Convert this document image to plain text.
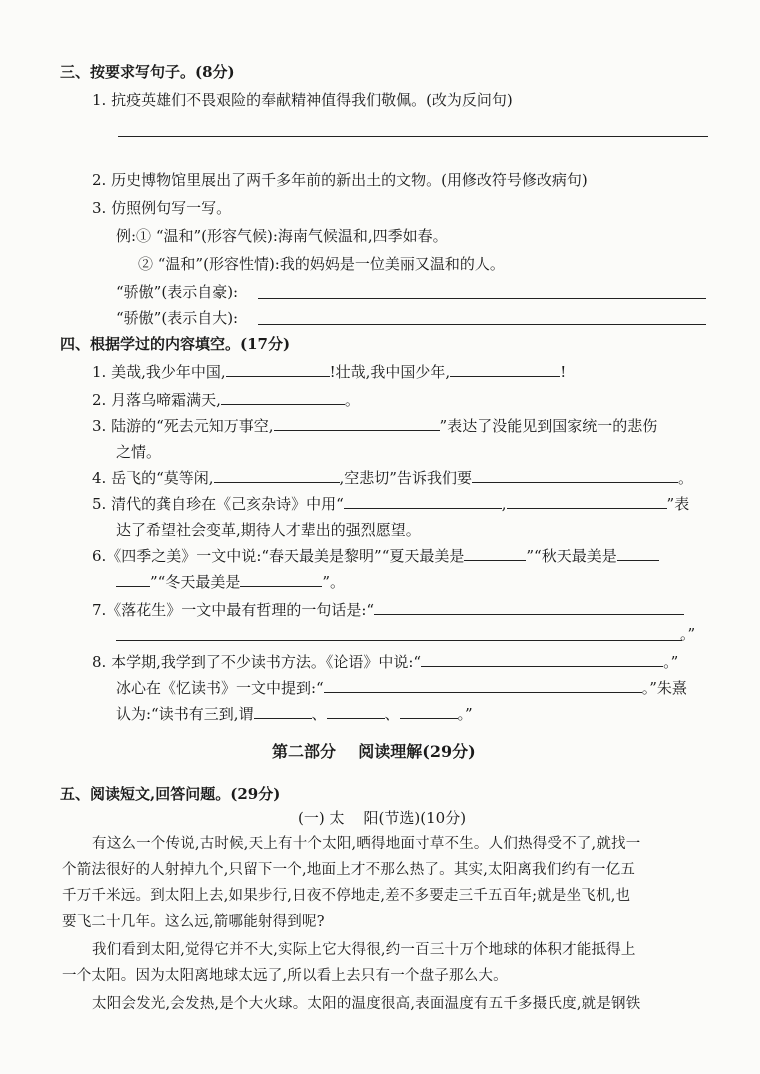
三、按要求写句子。(8分)
1. 抗疫英雄们不畏艰险的奉献精神值得我们敬佩。(改为反问句)
2. 历史博物馆里展出了两千多年前的新出土的文物。(用修改符号修改病句)
3. 仿照例句写一写。
例:① “温和”(形容气候):海南气候温和,四季如春。
② “温和”(形容性情):我的妈妈是一位美丽又温和的人。
“骄傲”(表示自豪):
“骄傲”(表示自大):
四、根据学过的内容填空。(17分)
1. 美哉,我少年中国,	!壮哉,我中国少年,	!
2. 月落乌啼霜满天,	。
3. 陆游的“死去元知万事空,	”表达了没能见到国家统一的悲伤
之情。
4. 岳飞的“莫等闲,	,空悲切”告诉我们要	。
5. 清代的龚自珍在《己亥杂诗》中用“	,	”表
达了希望社会变革,期待人才辈出的强烈愿望。
6.《四季之美》一文中说:“春天最美是黎明”“夏天最美是	”“秋天最美是
”“冬天最美是	”。
7.《落花生》一文中最有哲理的一句话是:“
。”
8. 本学期,我学到了不少读书方法。《论语》中说:“	。”
冰心在《忆读书》一文中提到:“	。”朱熹
认为:“读书有三到,谓	、	、	。”
第二部分    阅读理解(29分)
五、阅读短文,回答问题。(29分)
(一) 太    阳(节选)(10分)
有这么一个传说,古时候,天上有十个太阳,晒得地面寸草不生。人们热得受不了,就找一
个箭法很好的人射掉九个,只留下一个,地面上才不那么热了。其实,太阳离我们约有一亿五
千万千米远。到太阳上去,如果步行,日夜不停地走,差不多要走三千五百年;就是坐飞机,也
要飞二十几年。这么远,箭哪能射得到呢?
我们看到太阳,觉得它并不大,实际上它大得很,约一百三十万个地球的体积才能抵得上
一个太阳。因为太阳离地球太远了,所以看上去只有一个盘子那么大。
太阳会发光,会发热,是个大火球。太阳的温度很高,表面温度有五千多摄氏度,就是钢铁
